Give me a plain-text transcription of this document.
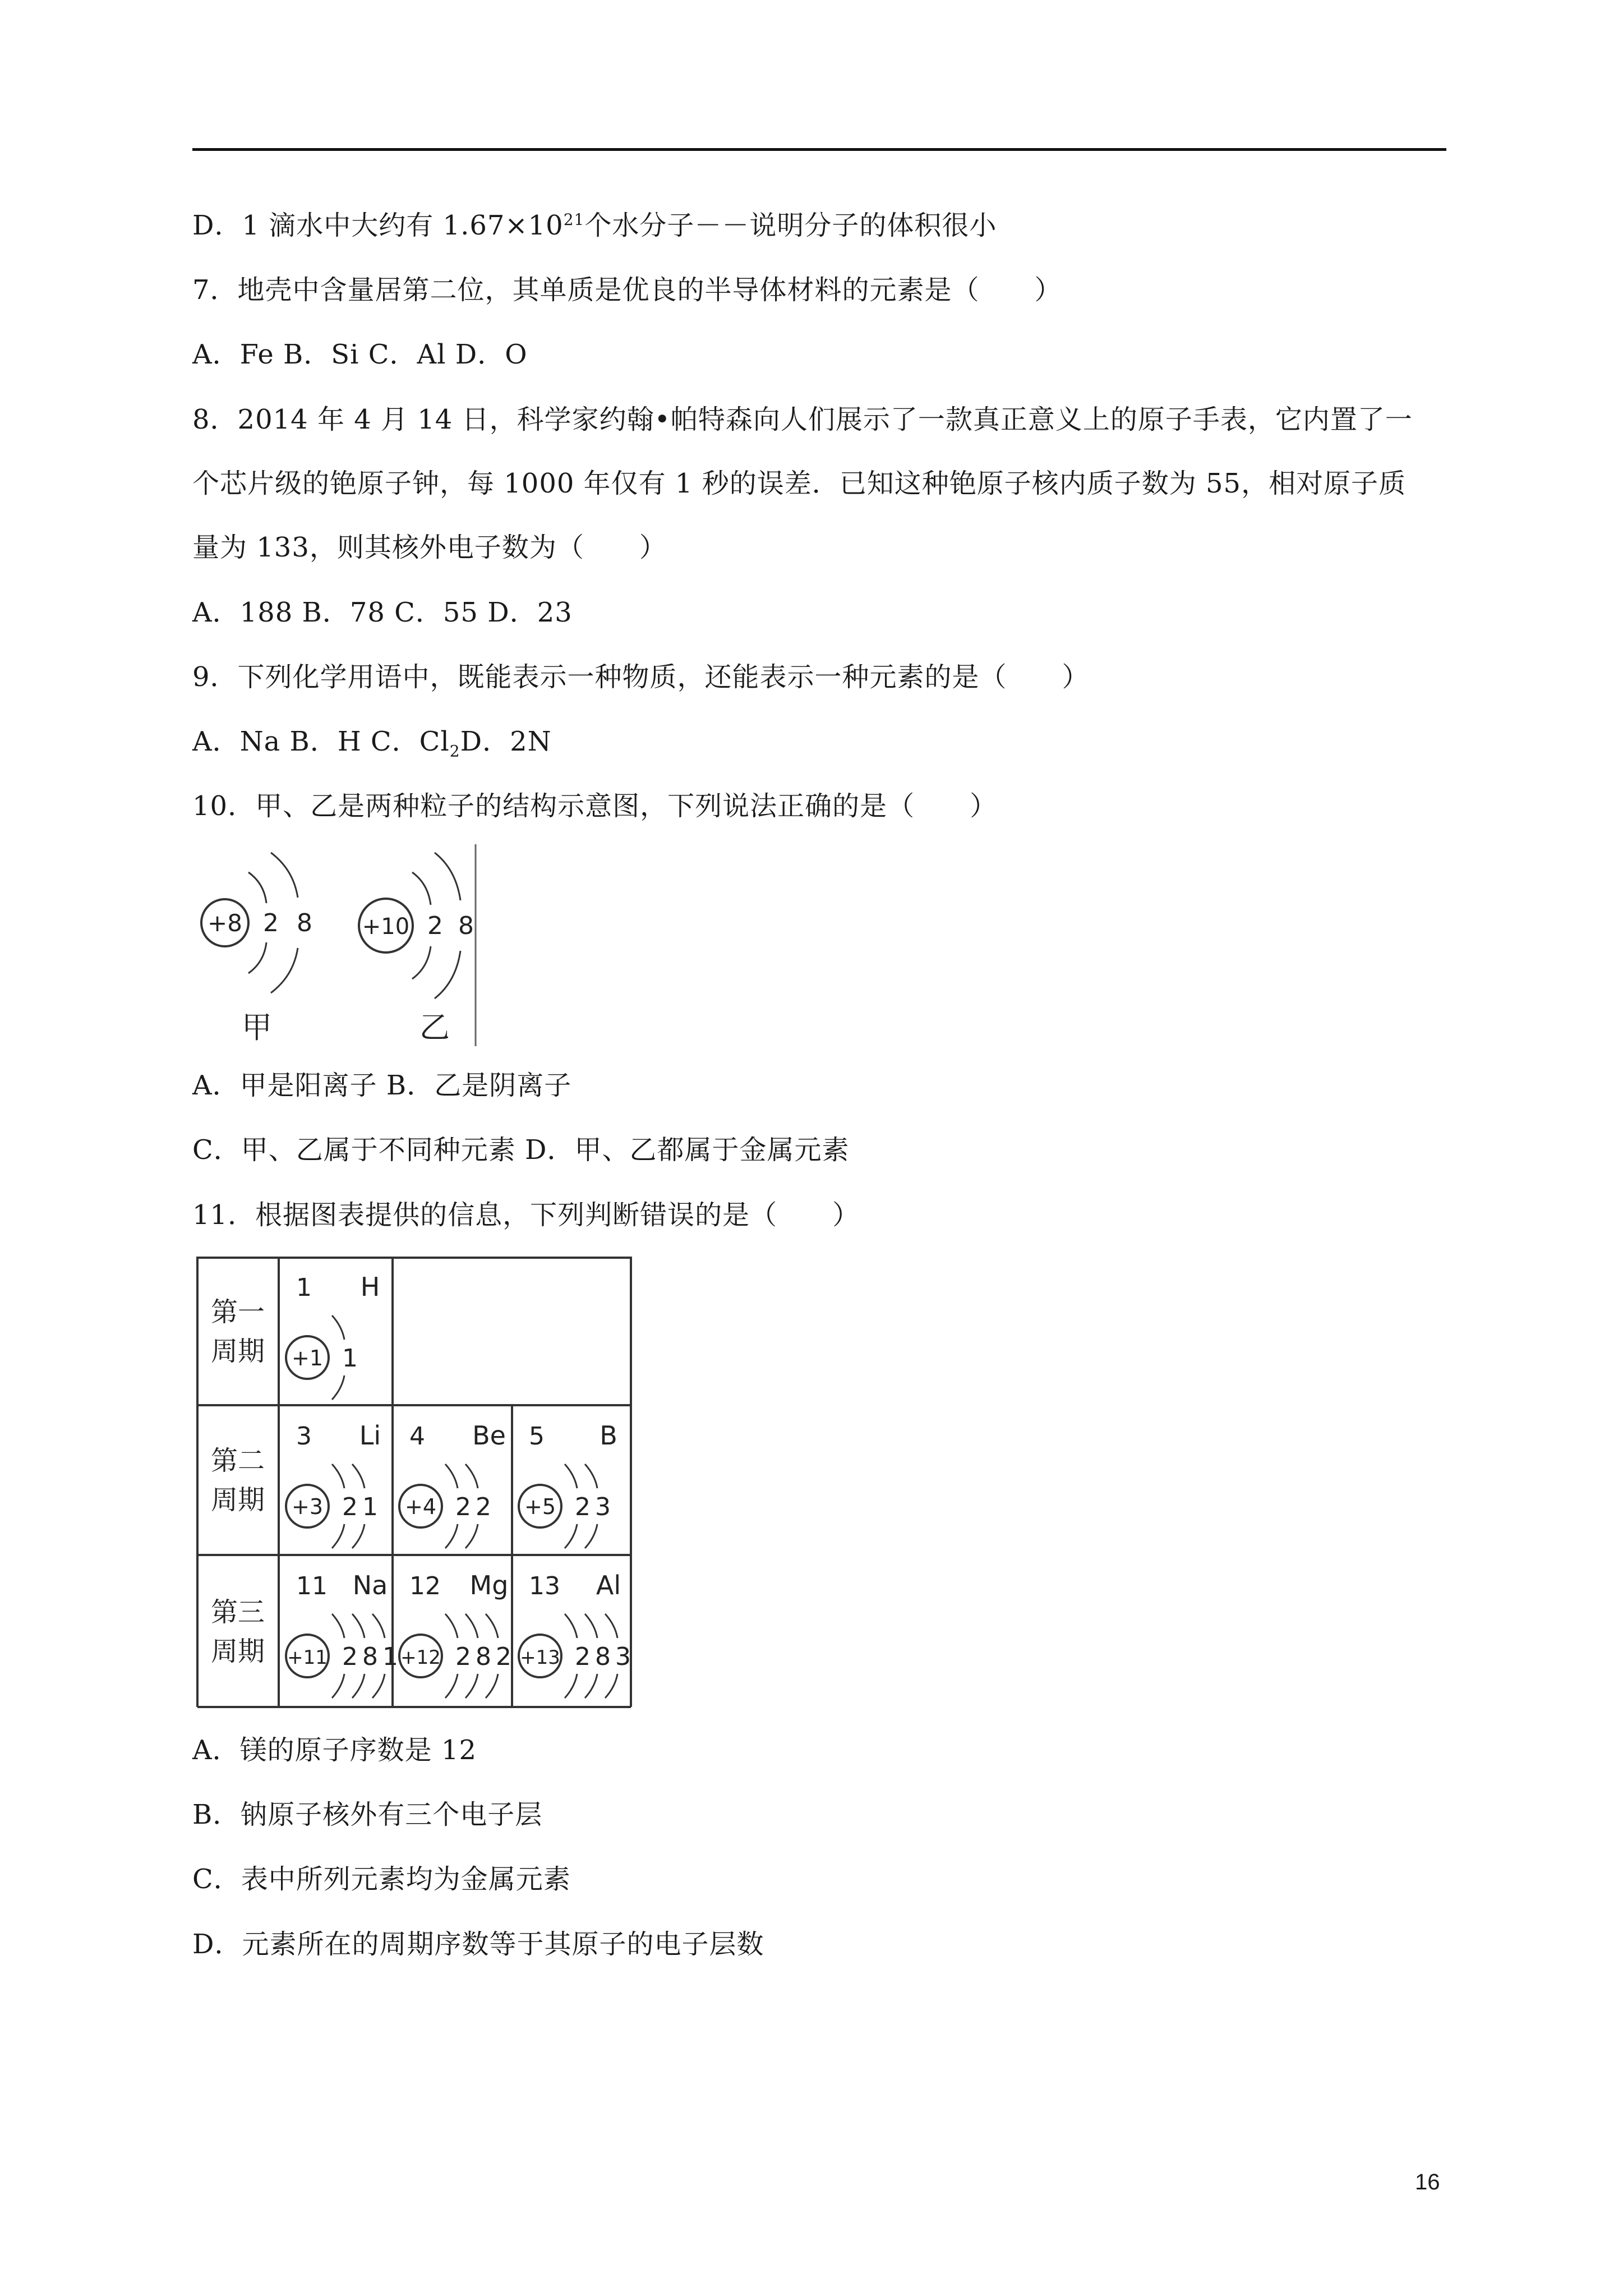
D．1 滴水中大约有 $1.67\times 10^{21}$个水分子－－说明分子的体积很小
7．地壳中含量居第二位，其单质是优良的半导体材料的元素是（　　）
A．Fe B．Si C．Al D．O
8．2014 年 4 月 14 日，科学家约翰•帕特森向人们展示了一款真正意义上的原子手表，它内置了一
个芯片级的铯原子钟，每 1000 年仅有 1 秒的误差．已知这种铯原子核内质子数为 55，相对原子质
量为 133，则其核外电子数为（　　）
A．188 B．78 C．55 D．23
9．下列化学用语中，既能表示一种物质，还能表示一种元素的是（　　）
A．Na B．H C．$Cl_2D$．2N
10．甲、乙是两种粒子的结构示意图，下列说法正确的是（　　）
+8 2 8
甲
+10 2 8
乙
A．甲是阳离子 B．乙是阴离子
C．甲、乙属于不同种元素 D．甲、乙都属于金属元素
11．根据图表提供的信息，下列判断错误的是（　　）
第一
周期
第二
周期
第三
周期
1 H
+1 1
3 Li
+3 2 1
4 Be
+4 2 2
5 B
+5 2 3
11 Na
+11 2 8 1
12 Mg
+12 2 8 2
13 Al
+13 2 8 3
A．镁的原子序数是 12
B．钠原子核外有三个电子层
C．表中所列元素均为金属元素
D．元素所在的周期序数等于其原子的电子层数
16
